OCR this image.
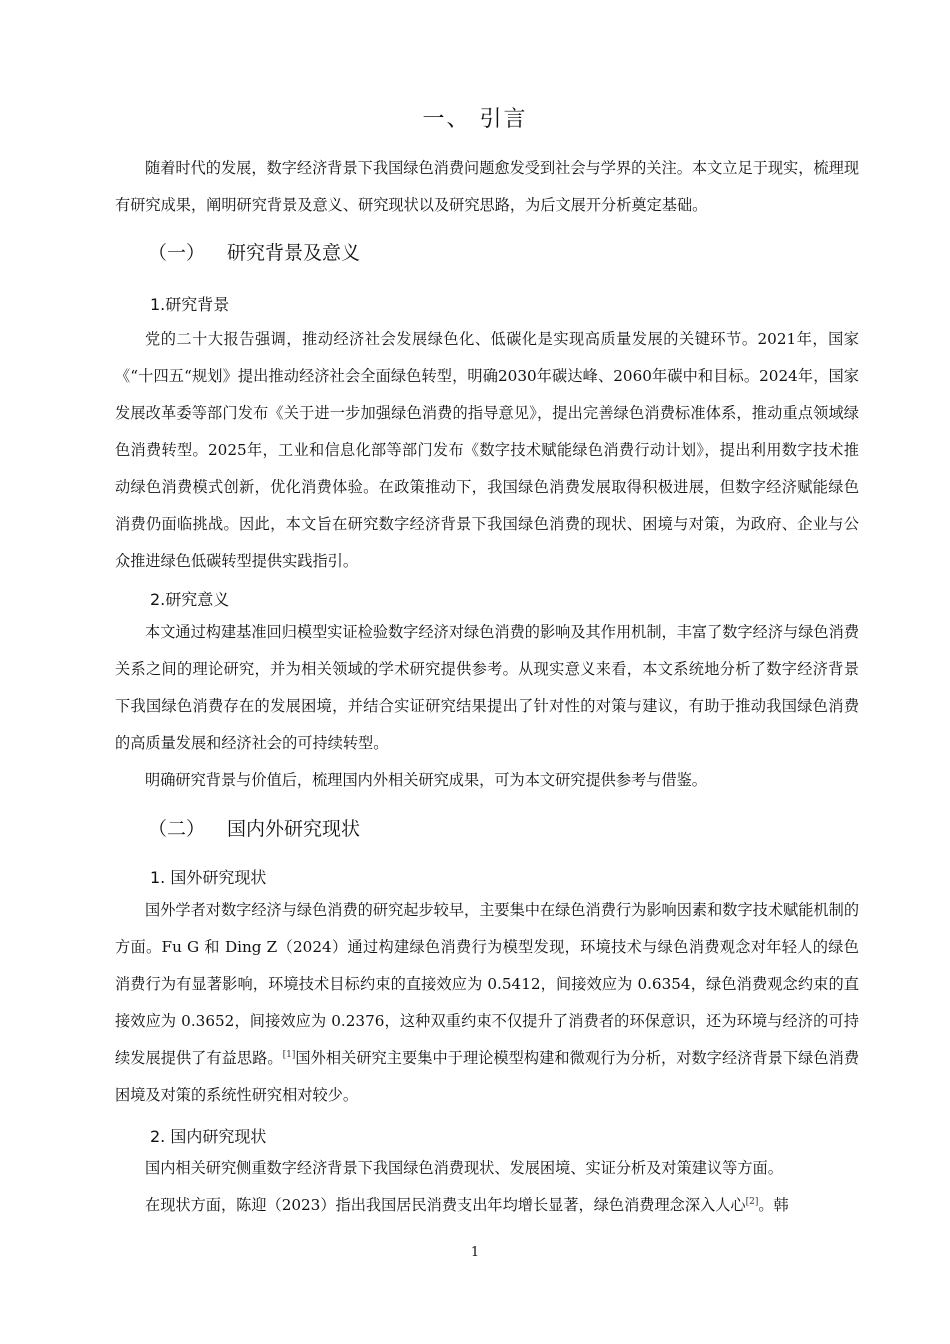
一、 引言

随着时代的发展，数字经济背景下我国绿色消费问题愈发受到社会与学界的关注。本文立足于现实，梳理现有研究成果，阐明研究背景及意义、研究现状以及研究思路，为后文展开分析奠定基础。

（一） 研究背景及意义
1.研究背景

党的二十大报告强调，推动经济社会发展绿色化、低碳化是实现高质量发展的关键环节。2021年，国家《“十四五“规划》提出推动经济社会全面绿色转型，明确2030年碳达峰、2060年碳中和目标。2024年，国家发展改革委等部门发布《关于进一步加强绿色消费的指导意见》，提出完善绿色消费标准体系，推动重点领域绿色消费转型。2025年，工业和信息化部等部门发布《数字技术赋能绿色消费行动计划》，提出利用数字技术推动绿色消费模式创新，优化消费体验。在政策推动下，我国绿色消费发展取得积极进展，但数字经济赋能绿色消费仍面临挑战。因此，本文旨在研究数字经济背景下我国绿色消费的现状、困境与对策，为政府、企业与公众推进绿色低碳转型提供实践指引。

2.研究意义

本文通过构建基准回归模型实证检验数字经济对绿色消费的影响及其作用机制，丰富了数字经济与绿色消费关系之间的理论研究，并为相关领域的学术研究提供参考。从现实意义来看，本文系统地分析了数字经济背景下我国绿色消费存在的发展困境，并结合实证研究结果提出了针对性的对策与建议，有助于推动我国绿色消费的高质量发展和经济社会的可持续转型。

明确研究背景与价值后，梳理国内外相关研究成果，可为本文研究提供参考与借鉴。

（二） 国内外研究现状
1. 国外研究现状

国外学者对数字经济与绿色消费的研究起步较早，主要集中在绿色消费行为影响因素和数字技术赋能机制的方面。Fu G 和 Ding Z（2024）通过构建绿色消费行为模型发现，环境技术与绿色消费观念对年轻人的绿色消费行为有显著影响，环境技术目标约束的直接效应为 0.5412，间接效应为 0.6354，绿色消费观念约束的直接效应为 0.3652，间接效应为 0.2376，这种双重约束不仅提升了消费者的环保意识，还为环境与经济的可持续发展提供了有益思路。[1]国外相关研究主要集中于理论模型构建和微观行为分析，对数字经济背景下绿色消费困境及对策的系统性研究相对较少。

2. 国内研究现状

国内相关研究侧重数字经济背景下我国绿色消费现状、发展困境、实证分析及对策建议等方面。

在现状方面，陈迎（2023）指出我国居民消费支出年均增长显著，绿色消费理念深入人心[2]。韩

1
